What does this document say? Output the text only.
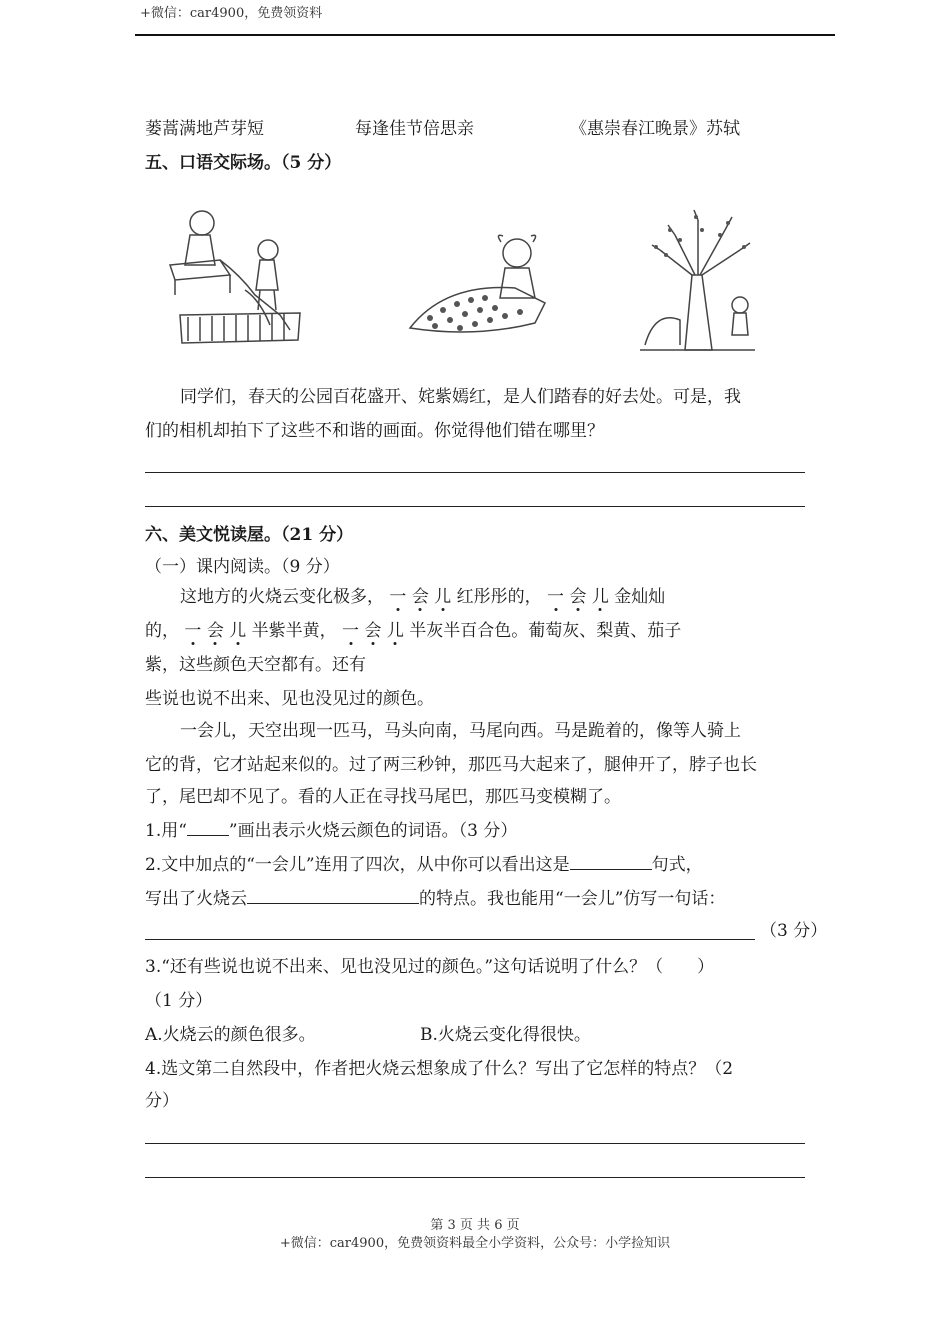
+微信：car4900，免费领资料
蒌蒿满地芦芽短	每逢佳节倍思亲	《惠崇春江晚景》苏轼
五、口语交际场。（5 分）
同学们，春天的公园百花盛开、姹紫嫣红，是人们踏春的好去处。可是，我
们的相机却拍下了这些不和谐的画面。你觉得他们错在哪里？
六、美文悦读屋。（21 分）
（一）课内阅读。（9 分）
这地方的火烧云变化极多， 一 会 儿 红彤彤的， 一 会 儿 金灿灿
的， 一 会 儿 半紫半黄， 一 会 儿 半灰半百合色。葡萄灰、梨黄、茄子
紫，这些颜色天空都有。还有
些说也说不出来、见也没见过的颜色。
一会儿，天空出现一匹马，马头向南，马尾向西。马是跪着的，像等人骑上
它的背，它才站起来似的。过了两三秒钟，那匹马大起来了，腿伸开了，脖子也长
了，尾巴却不见了。看的人正在寻找马尾巴，那匹马变模糊了。
1.用“ ”画出表示火烧云颜色的词语。（3 分）
2.文中加点的“一会儿”连用了四次，从中你可以看出这是	句式，
写出了火烧云	的特点。我也能用“一会儿”仿写一句话：
（3 分）
3.“还有些说也说不出来、见也没见过的颜色。”这句话说明了什么？（　　）
（1 分）
A.火烧云的颜色很多。	B.火烧云变化得很快。
4.选文第二自然段中，作者把火烧云想象成了什么？写出了它怎样的特点？（2
分）
第 3 页 共 6 页
+微信：car4900，免费领资料最全小学资料，公众号：小学捡知识
